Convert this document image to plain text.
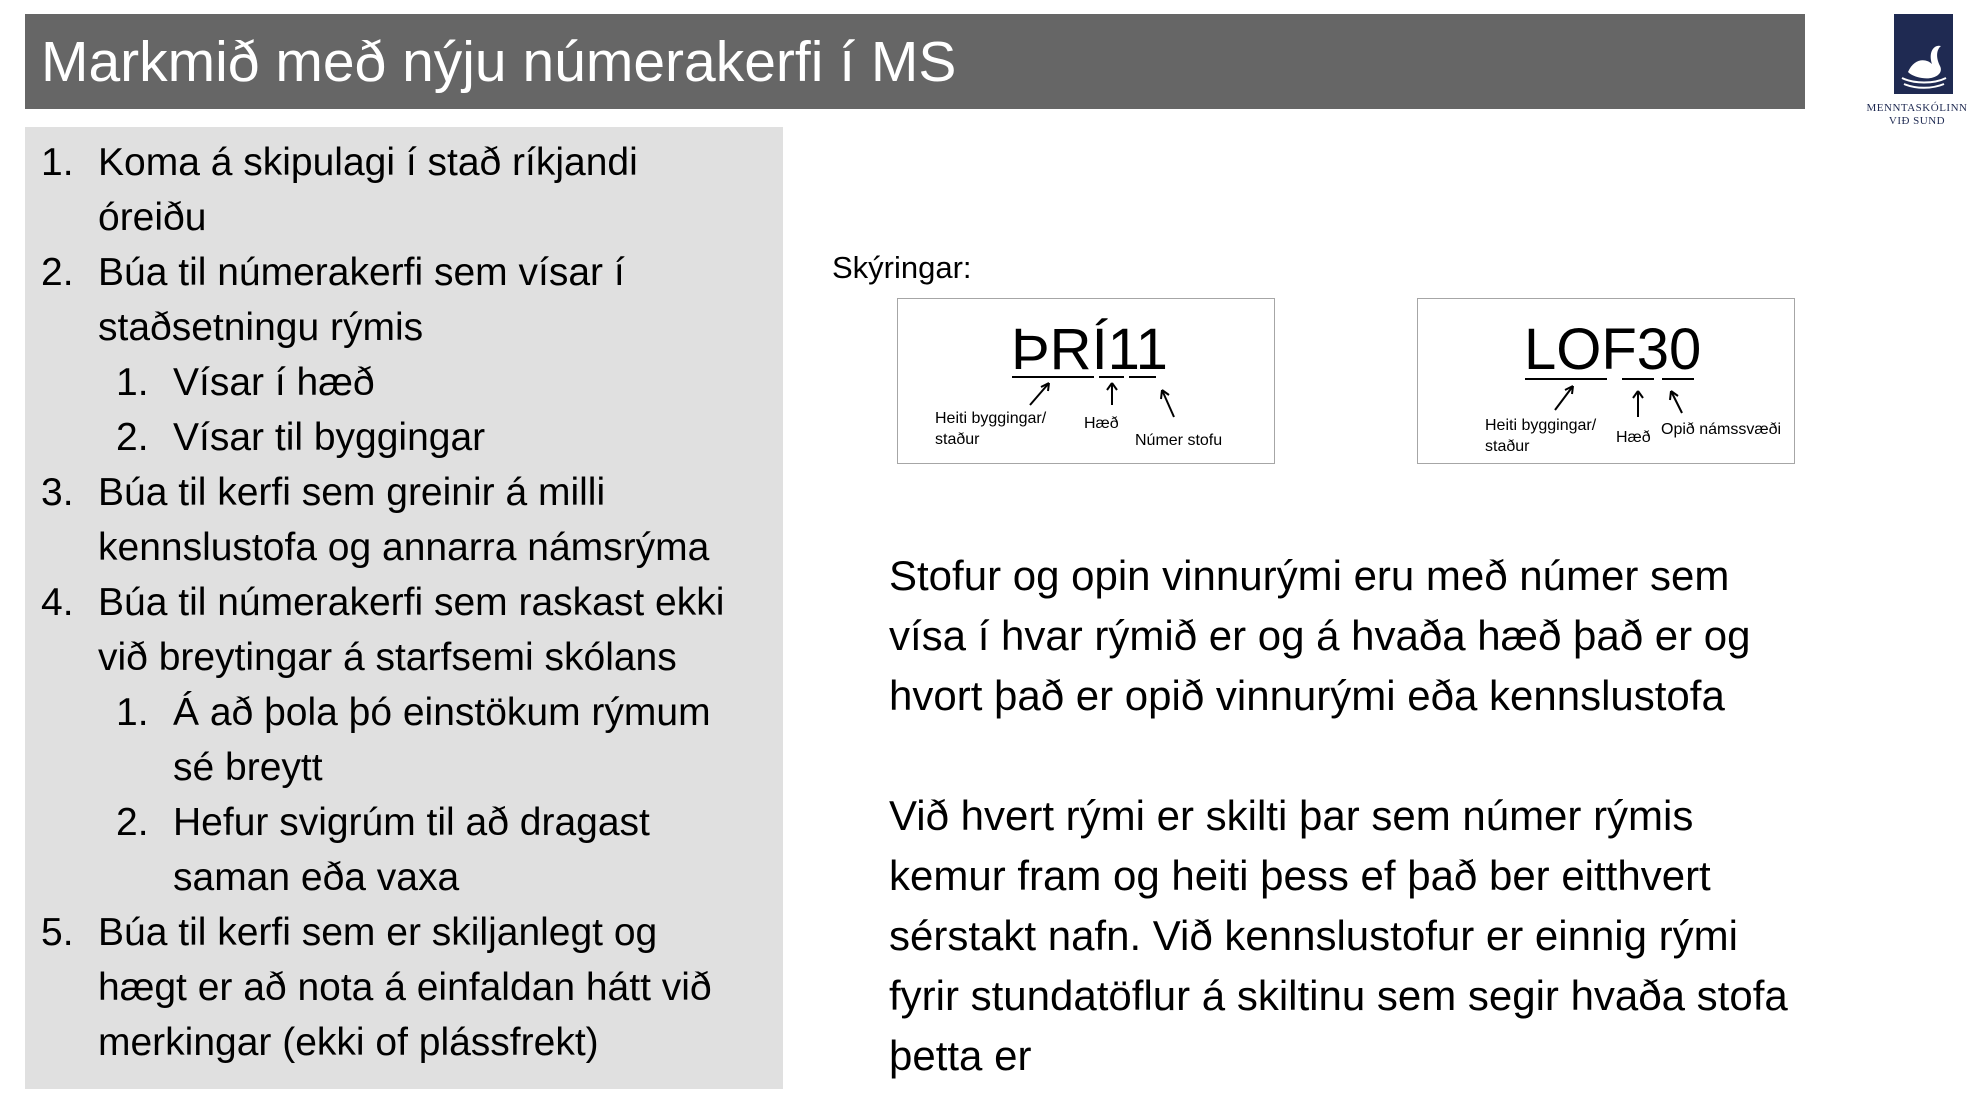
Markmið með nýju númerakerfi í MS
MENNTASKÓLINN
VIÐ SUND
1. Koma á skipulagi í stað ríkjandi
óreiðu
2. Búa til númerakerfi sem vísar í
staðsetningu rýmis
1. Vísar í hæð
2. Vísar til byggingar
3. Búa til kerfi sem greinir á milli
kennslustofa og annarra námsrýma
4. Búa til númerakerfi sem raskast ekki
við breytingar á starfsemi skólans
1. Á að þola þó einstökum rýmum
sé breytt
2. Hefur svigrúm til að dragast
saman eða vaxa
5. Búa til kerfi sem er skiljanlegt og
hægt er að nota á einfaldan hátt við
merkingar (ekki of plássfrekt)
Skýringar:
ÞRÍ11
Heiti byggingar/
staður
Hæð
Númer stofu
LOF30
Heiti byggingar/
staður
Hæð Opið námssvæði
Stofur og opin vinnurými eru með númer sem
vísa í hvar rýmið er og á hvaða hæð það er og
hvort það er opið vinnurými eða kennslustofa
Við hvert rými er skilti þar sem númer rýmis
kemur fram og heiti þess ef það ber eitthvert
sérstakt nafn. Við kennslustofur er einnig rými
fyrir stundatöflur á skiltinu sem segir hvaða stofa
þetta er
